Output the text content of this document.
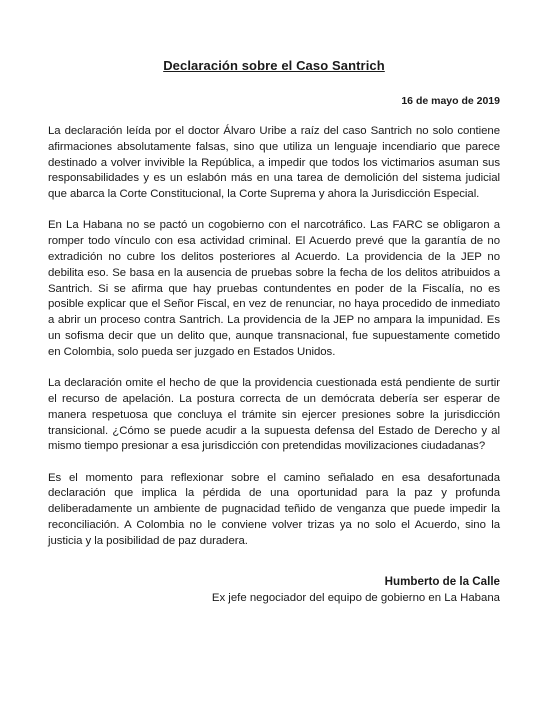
Declaración sobre el Caso Santrich
16 de mayo de 2019

La declaración leída por el doctor Álvaro Uribe a raíz del caso Santrich no solo contiene afirmaciones absolutamente falsas, sino que utiliza un lenguaje incendiario que parece destinado a volver invivible la República, a impedir que todos los victimarios asuman sus responsabilidades y es un eslabón más en una tarea de demolición del sistema judicial que abarca la Corte Constitucional, la Corte Suprema y ahora la Jurisdicción Especial.

En La Habana no se pactó un cogobierno con el narcotráfico. Las FARC se obligaron a romper todo vínculo con esa actividad criminal. El Acuerdo prevé que la garantía de no extradición no cubre los delitos posteriores al Acuerdo. La providencia de la JEP no debilita eso. Se basa en la ausencia de pruebas sobre la fecha de los delitos atribuidos a Santrich. Si se afirma que hay pruebas contundentes en poder de la Fiscalía, no es posible explicar que el Señor Fiscal, en vez de renunciar, no haya procedido de inmediato a abrir un proceso contra Santrich. La providencia de la JEP no ampara la impunidad. Es un sofisma decir que un delito que, aunque transnacional, fue supuestamente cometido en Colombia, solo pueda ser juzgado en Estados Unidos.

La declaración omite el hecho de que la providencia cuestionada está pendiente de surtir el recurso de apelación. La postura correcta de un demócrata debería ser esperar de manera respetuosa que concluya el trámite sin ejercer presiones sobre la jurisdicción transicional. ¿Cómo se puede acudir a la supuesta defensa del Estado de Derecho y al mismo tiempo presionar a esa jurisdicción con pretendidas movilizaciones ciudadanas?

Es el momento para reflexionar sobre el camino señalado en esa desafortunada declaración que implica la pérdida de una oportunidad para la paz y profunda deliberadamente un ambiente de pugnacidad teñido de venganza que puede impedir la reconciliación. A Colombia no le conviene volver trizas ya no solo el Acuerdo, sino la justicia y la posibilidad de paz duradera.

Humberto de la Calle
Ex jefe negociador del equipo de gobierno en La Habana
